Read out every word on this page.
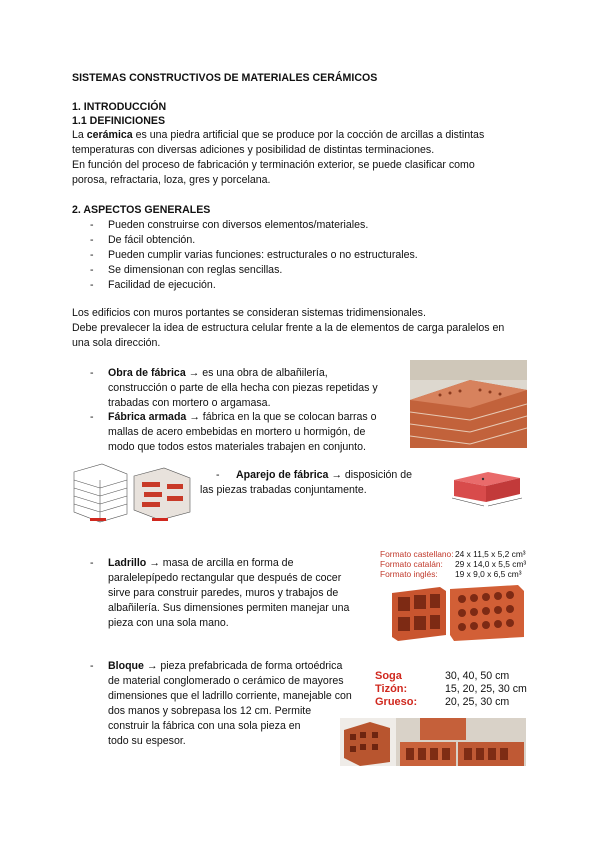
SISTEMAS CONSTRUCTIVOS DE MATERIALES CERÁMICOS
1. INTRODUCCIÓN
1.1 DEFINICIONES
La cerámica es una piedra artificial que se produce por la cocción de arcillas a distintas
temperaturas con diversas adiciones y posibilidad de distintas terminaciones.
En función del proceso de fabricación y terminación exterior, se puede clasificar como
porosa, refractaria, loza, gres y porcelana.
2. ASPECTOS GENERALES
- Pueden construirse con diversos elementos/materiales.
- De fácil obtención.
- Pueden cumplir varias funciones: estructurales o no estructurales.
- Se dimensionan con reglas sencillas.
- Facilidad de ejecución.
Los edificios con muros portantes se consideran sistemas tridimensionales.
Debe prevalecer la idea de estructura celular frente a la de elementos de carga paralelos en
una sola dirección.
- Obra de fábrica → es una obra de albañilería,
construcción o parte de ella hecha con piezas repetidas y
trabadas con mortero o argamasa.
- Fábrica armada → fábrica en la que se colocan barras o
mallas de acero embebidas en mortero u hormigón, de
modo que todos estos materiales trabajen en conjunto.
- Aparejo de fábrica → disposición de
las piezas trabadas conjuntamente.
- Ladrillo → masa de arcilla en forma de
paralelepípedo rectangular que después de cocer
sirve para construir paredes, muros y trabajos de
albañilería. Sus dimensiones permiten manejar una
pieza con una sola mano.
Formato castellano:24 x 11,5 x 5,2 cm³
Formato catalán: 29 x 14,0 x 5,5 cm³
Formato inglés: 19 x 9,0 x 6,5 cm³
- Bloque → pieza prefabricada de forma ortoédrica
de material conglomerado o cerámico de mayores
dimensiones que el ladrillo corriente, manejable con
dos manos y sobrepasa los 12 cm. Permite
construir la fábrica con una sola pieza en
todo su espesor.
Soga	30, 40, 50 cm
Tizón:	15, 20, 25, 30 cm
Grueso:	20, 25, 30 cm
